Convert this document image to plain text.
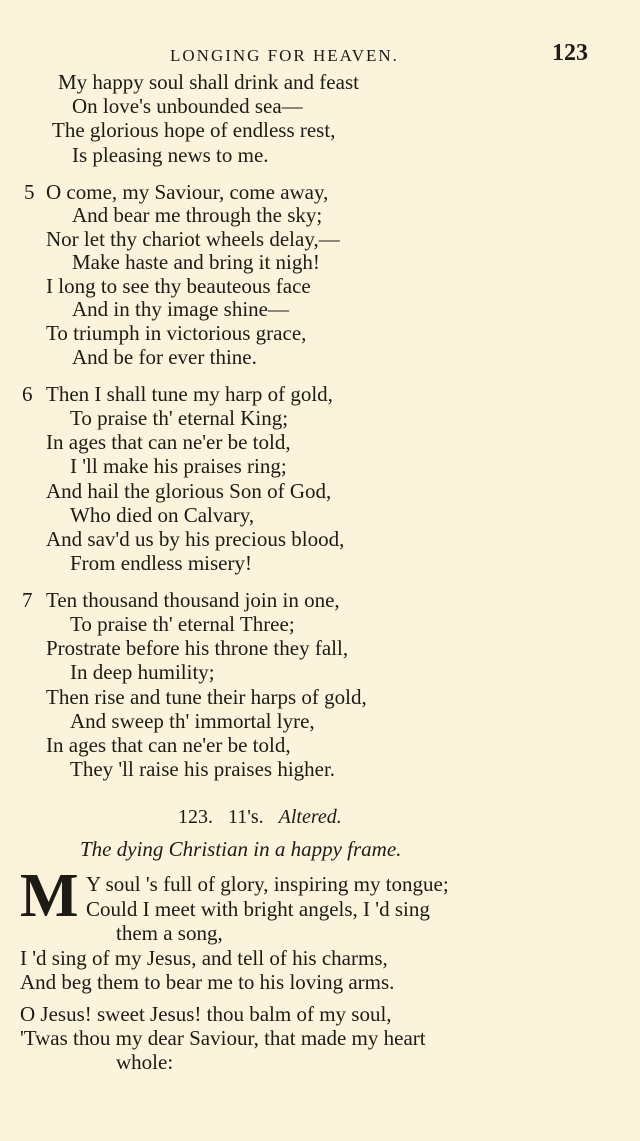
LONGING FOR HEAVEN.	123
My happy soul shall drink and feast
On love's unbounded sea—
The glorious hope of endless rest,
Is pleasing news to me.
5 O come, my Saviour, come away,
And bear me through the sky;
Nor let thy chariot wheels delay,—
Make haste and bring it nigh!
I long to see thy beauteous face
And in thy image shine—
To triumph in victorious grace,
And be for ever thine.
6 Then I shall tune my harp of gold,
To praise th' eternal King;
In ages that can ne'er be told,
I 'll make his praises ring;
And hail the glorious Son of God,
Who died on Calvary,
And sav'd us by his precious blood,
From endless misery!
7 Ten thousand thousand join in one,
To praise th' eternal Three;
Prostrate before his throne they fall,
In deep humility;
Then rise and tune their harps of gold,
And sweep th' immortal lyre,
In ages that can ne'er be told,
They 'll raise his praises higher.
123. 11's. Altered.
The dying Christian in a happy frame.
M Y soul 's full of glory, inspiring my tongue;
Could I meet with bright angels, I 'd sing
them a song,
I 'd sing of my Jesus, and tell of his charms,
And beg them to bear me to his loving arms.
O Jesus! sweet Jesus! thou balm of my soul,
'Twas thou my dear Saviour, that made my heart
whole:
